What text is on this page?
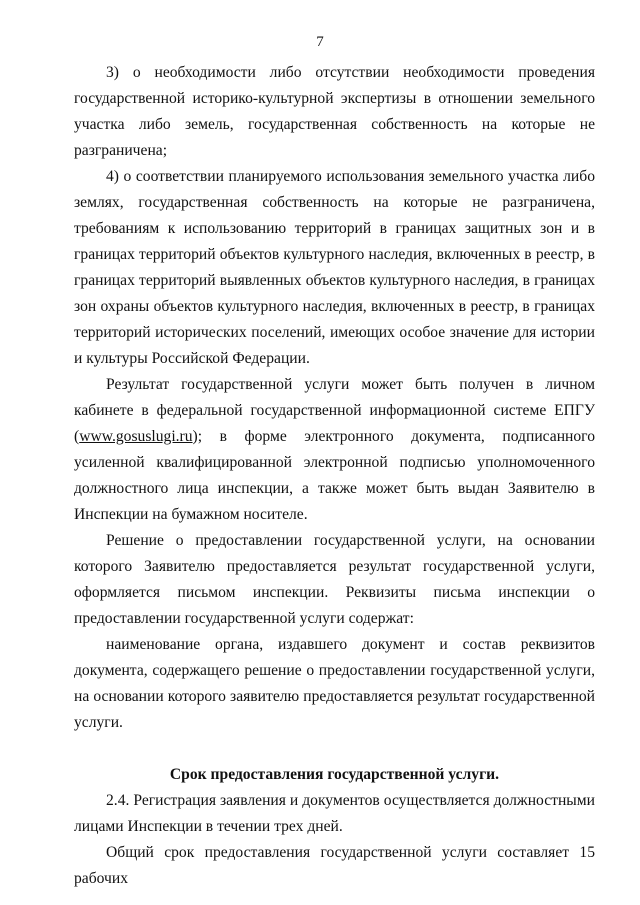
7

3) о необходимости либо отсутствии необходимости проведения государственной историко-культурной экспертизы в отношении земельного участка либо земель, государственная собственность на которые не разграничена;

4) о соответствии планируемого использования земельного участка либо землях, государственная собственность на которые не разграничена, требованиям к использованию территорий в границах защитных зон и в границах территорий объектов культурного наследия, включенных в реестр, в границах территорий выявленных объектов культурного наследия, в границах зон охраны объектов культурного наследия, включенных в реестр, в границах территорий исторических поселений, имеющих особое значение для истории и культуры Российской Федерации.

Результат государственной услуги может быть получен в личном кабинете в федеральной государственной информационной системе ЕПГУ (www.gosuslugi.ru); в форме электронного документа, подписанного усиленной квалифицированной электронной подписью уполномоченного должностного лица инспекции, а также может быть выдан Заявителю в Инспекции на бумажном носителе.

Решение о предоставлении государственной услуги, на основании которого Заявителю предоставляется результат государственной услуги, оформляется письмом инспекции. Реквизиты письма инспекции о предоставлении государственной услуги содержат:

наименование органа, издавшего документ и состав реквизитов документа, содержащего решение о предоставлении государственной услуги, на основании которого заявителю предоставляется результат государственной услуги.

Срок предоставления государственной услуги.

2.4. Регистрация заявления и документов осуществляется должностными лицами Инспекции в течении трех дней.

Общий срок предоставления государственной услуги составляет 15 рабочих
